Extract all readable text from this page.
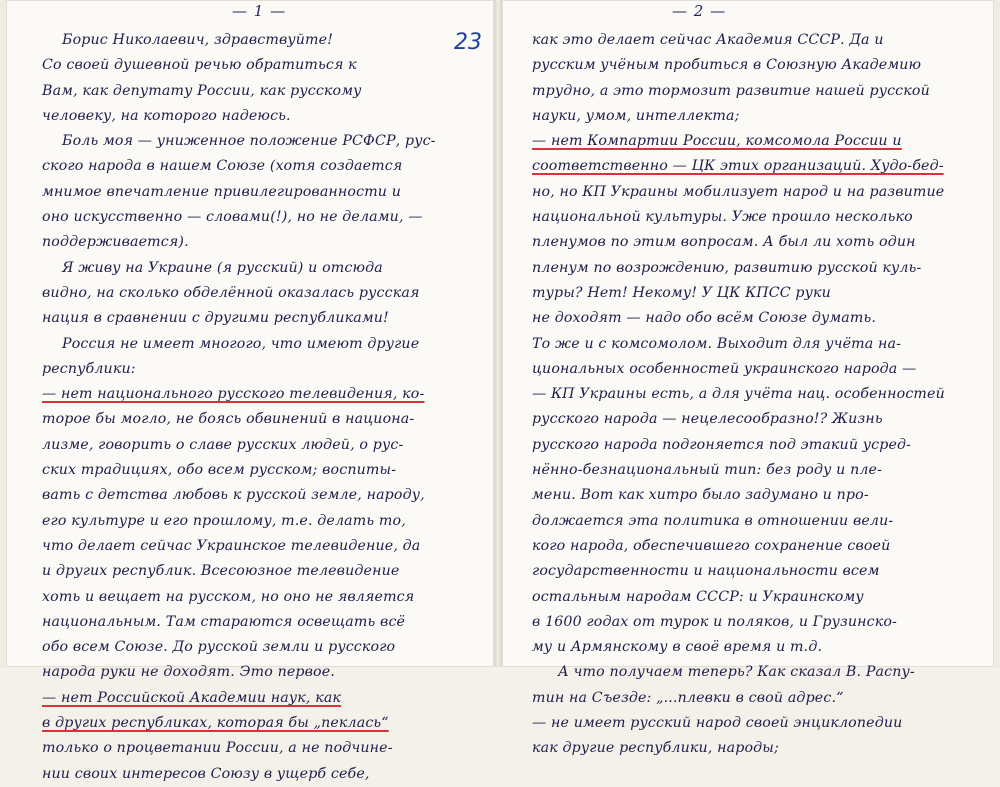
— 1 —
23
Борис Николаевич, здравствуйте!
Со своей душевной речью обратиться к
Вам, как депутату России, как русскому
человеку, на которого надеюсь.
Боль моя — униженное положение РСФСР, рус-
ского народа в нашем Союзе (хотя создается
мнимое впечатление привилегированности и
оно искусственно — словами(!), но не делами, —
поддерживается).
Я живу на Украине (я русский) и отсюда
видно, на сколько обделённой оказалась русская
нация в сравнении с другими республиками!
Россия не имеет многого, что имеют другие
республики:
— нет национального русского телевидения, ко-
торое бы могло, не боясь обвинений в национа-
лизме, говорить о славе русских людей, о рус-
ских традициях, обо всем русском; воспиты-
вать с детства любовь к русской земле, народу,
его культуре и его прошлому, т.е. делать то,
что делает сейчас Украинское телевидение, да
и других республик. Всесоюзное телевидение
хоть и вещает на русском, но оно не является
национальным. Там стараются освещать всё
обо всем Союзе. До русской земли и русского
народа руки не доходят. Это первое.
— нет Российской Академии наук, как
в других республиках, которая бы „пеклась“
только о процветании России, а не подчине-
нии своих интересов Союзу в ущерб себе,
— 2 —
как это делает сейчас Академия СССР. Да и
русским учёным пробиться в Союзную Академию
трудно, а это тормозит развитие нашей русской
науки, умом, интеллекта;
— нет Компартии России, комсомола России и
соответственно — ЦК этих организаций. Худо-бед-
но, но КП Украины мобилизует народ и на развитие
национальной культуры. Уже прошло несколько
пленумов по этим вопросам. А был ли хоть один
пленум по возрождению, развитию русской куль-
туры? Нет! Некому! У ЦК КПСС руки
не доходят — надо обо всём Союзе думать.
То же и с комсомолом. Выходит для учёта на-
циональных особенностей украинского народа —
— КП Украины есть, а для учёта нац. особенностей
русского народа — нецелесообразно!? Жизнь
русского народа подгоняется под этакий усред-
нённо-безнациональный тип: без роду и пле-
мени. Вот как хитро было задумано и про-
должается эта политика в отношении вели-
кого народа, обеспечившего сохранение своей
государственности и национальности всем
остальным народам СССР: и Украинскому
в 1600 годах от турок и поляков, и Грузинско-
му и Армянскому в своё время и т.д.
А что получаем теперь? Как сказал В. Распу-
тин на Съезде: „...плевки в свой адрес.“
— не имеет русский народ своей энциклопедии
как другие республики, народы;
